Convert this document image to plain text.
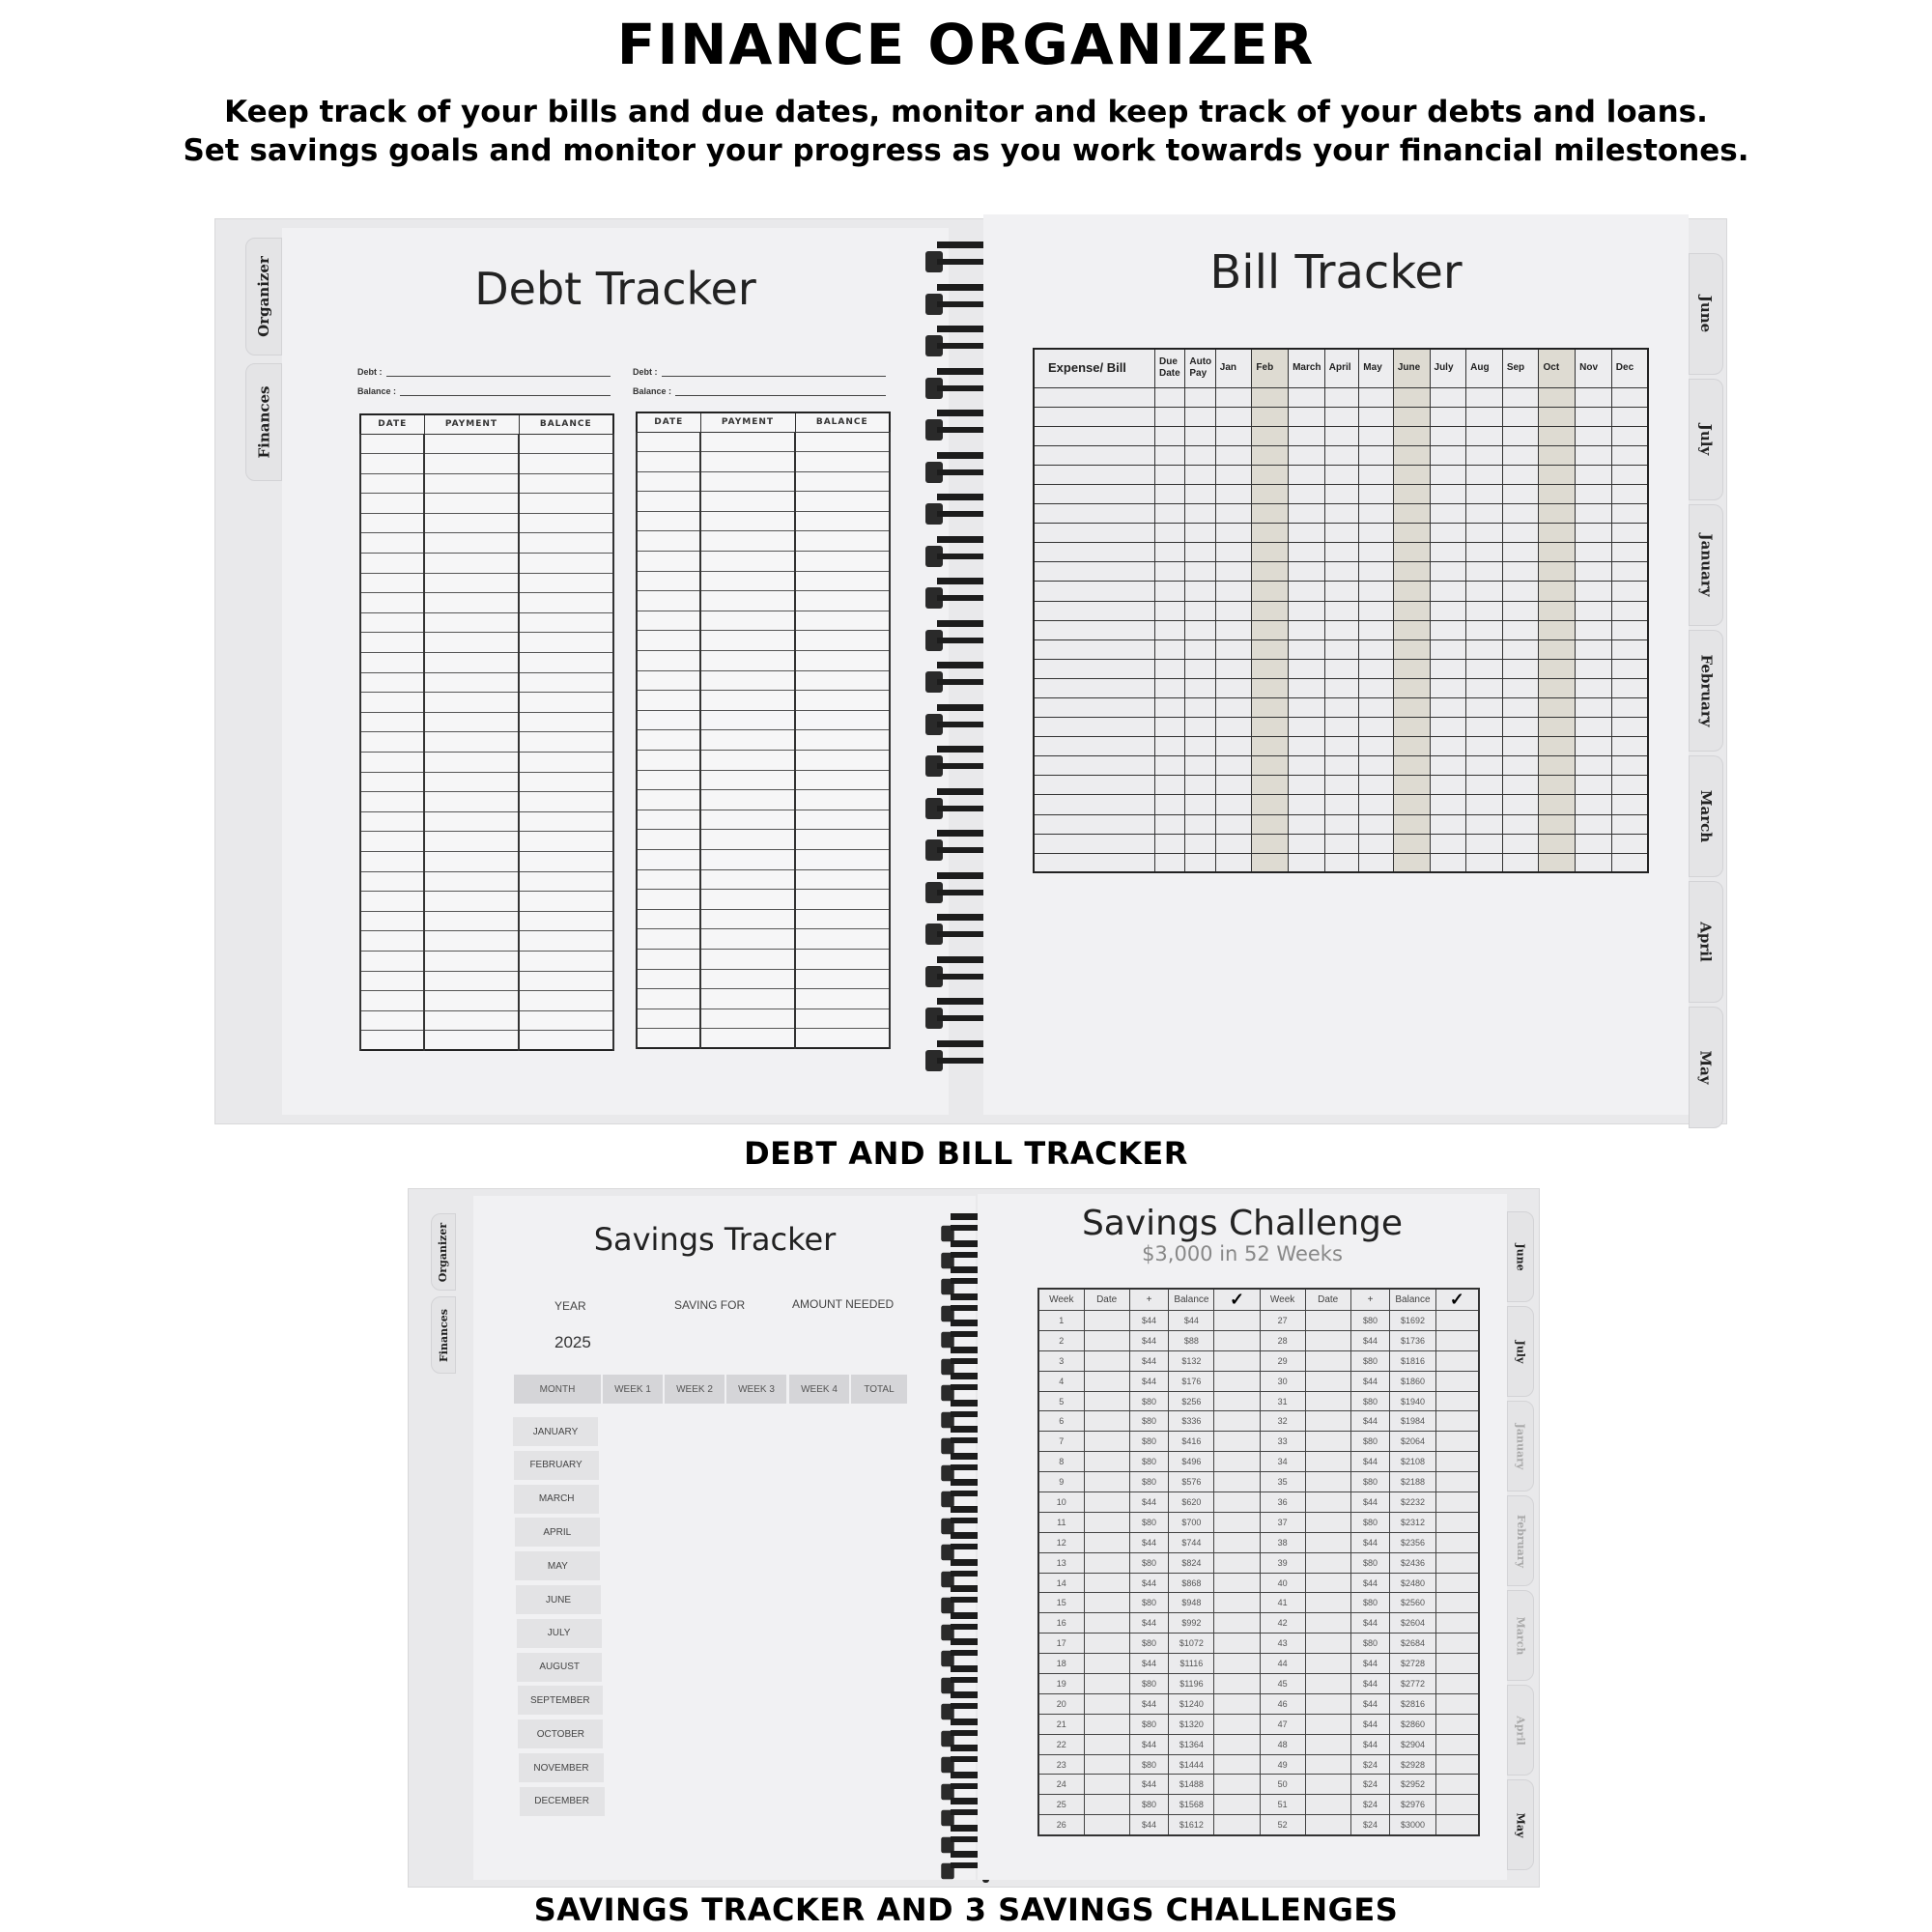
FINANCE ORGANIZER
Keep track of your bills and due dates, monitor and keep track of your debts and loans.
Set savings goals and monitor your progress as you work towards your financial milestones.
Debt Tracker
Organizer
Finances
Debt :
Balance :
Debt :
Balance :
DATE	PAYMENT	BALANCE

			DATE	PAYMENT	BALANCE

Bill Tracker
June
July
January
February
March
April
May
Expense/ Bill	Due Date	Auto Pay	Jan	Feb	March	April	May	June	July	Aug	Sep	Oct	Nov	Dec

DEBT AND BILL TRACKER
Savings Tracker
Organizer
Finances
YEAR
2025
SAVING FOR	AMOUNT NEEDED
MONTH	WEEK 1	WEEK 2	WEEK 3	WEEK 4	TOTAL
JANUARY
FEBRUARY
MARCH
APRIL
MAY
JUNE
JULY
AUGUST
SEPTEMBER
OCTOBER
NOVEMBER
DECEMBER
Savings Challenge
$3,000 in 52 Weeks	June
July
January
February
March
April
May
Week	Date	+	Balance	✓	Week	Date	+	Balance	✓
1		$44	$44		27		$80	$1692	
2		$44	$88		28		$44	$1736	
3		$44	$132		29		$80	$1816	
4		$44	$176		30		$44	$1860	
5		$80	$256		31		$80	$1940	
6		$80	$336		32		$44	$1984	
7		$80	$416		33		$80	$2064	
8		$80	$496		34		$44	$2108	
9		$80	$576		35		$80	$2188	
10		$44	$620		36		$44	$2232	
11		$80	$700		37		$80	$2312	
12		$44	$744		38		$44	$2356	
13		$80	$824		39		$80	$2436	
14		$44	$868		40		$44	$2480	
15		$80	$948		41		$80	$2560	
16		$44	$992		42		$44	$2604	
17		$80	$1072		43		$80	$2684	
18		$44	$1116		44		$44	$2728	
19		$80	$1196		45		$44	$2772	
20		$44	$1240		46		$44	$2816	
21		$80	$1320		47		$44	$2860	
22		$44	$1364		48		$44	$2904	
23		$80	$1444		49		$24	$2928	
24		$44	$1488		50		$24	$2952	
25		$80	$1568		51		$24	$2976	
26		$44	$1612		52		$24	$3000	
SAVINGS TRACKER AND 3 SAVINGS CHALLENGES
